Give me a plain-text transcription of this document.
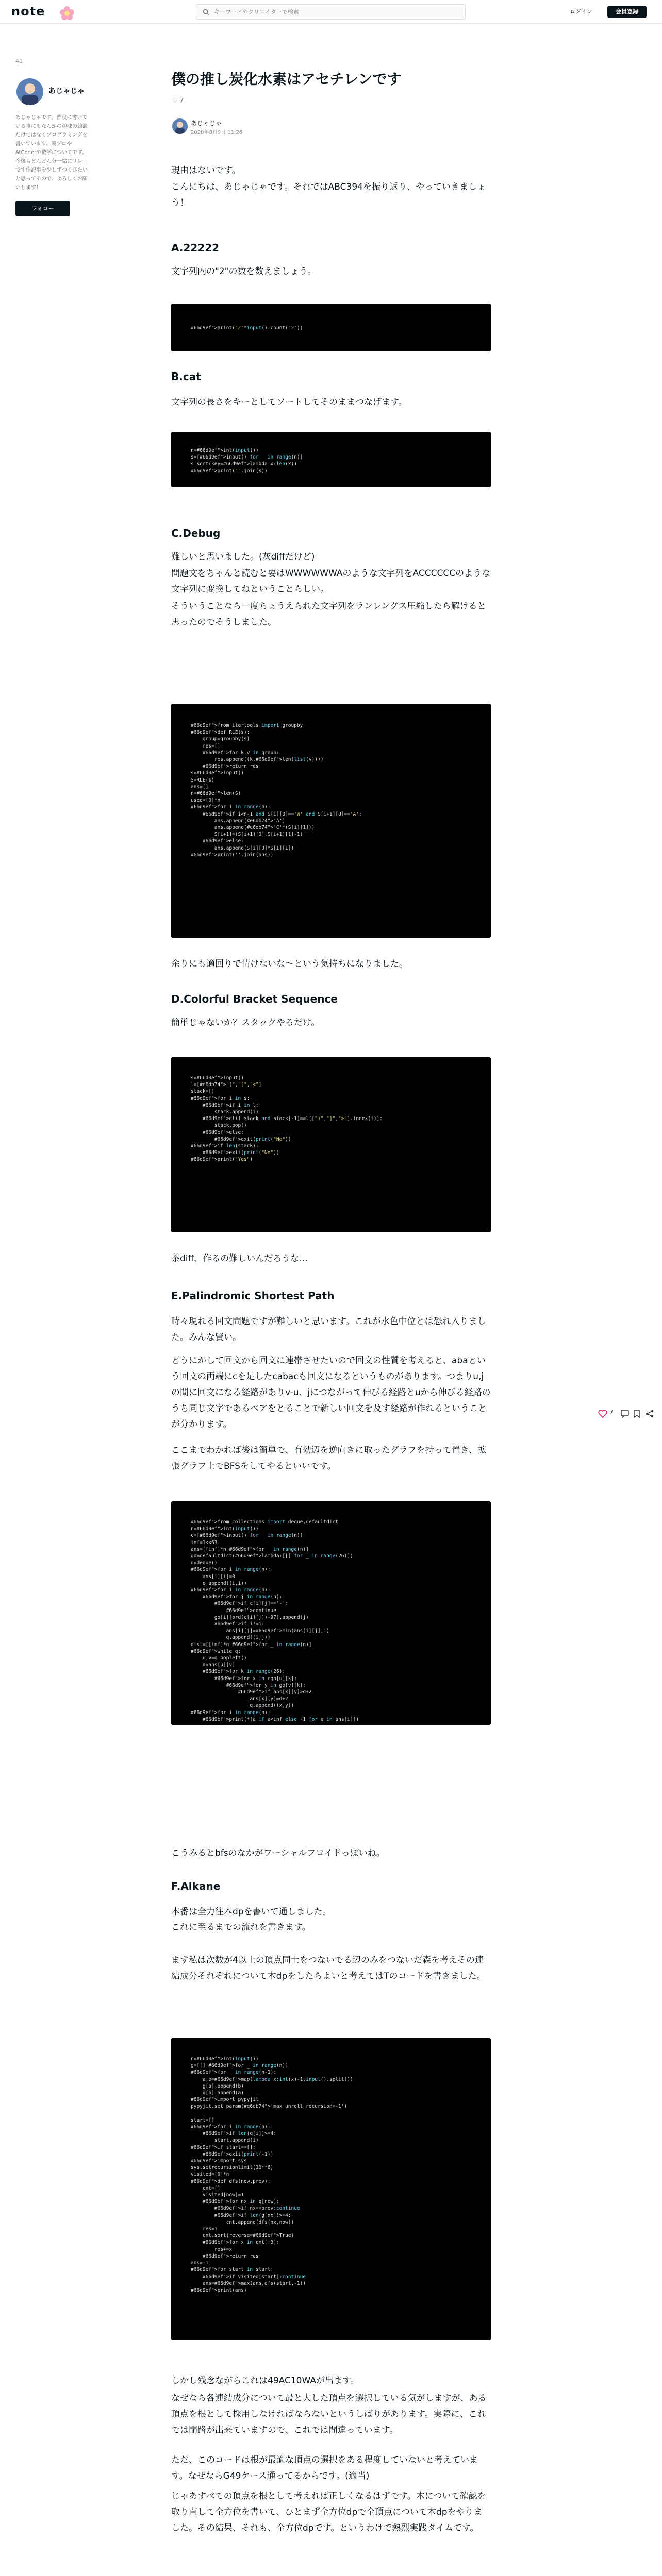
note
キーワードやクリエイターで検索	ログイン	会員登録
41
あじゃじゃ
あじゃじゃです。普段に書いている事にもなんかの趣味の雑談だけではなくプログラミングを書いています。競プロやAtCoderや数学についてです。今後もどんどん分一緒にリレーです作記事を少しずつくびたいと思ってるので、よろしくお願いします！
フォロー
僕の推し炭化水素はアセチレンです
♡ 7
あじゃじゃ
2020年8月9日 11:26
現由はないです。
こんにちは、あじゃじゃです。それではABC394を振り返り、やっていきましょう！
A.22222
文字列内の"2"の数を数えましょう。
#66d9ef">print("2"*input().count("2"))
B.cat
文字列の長さをキーとしてソートしてそのままつなげます。
n=#66d9ef">int(input())
s=[#66d9ef">input() for _ in range(n)]
s.sort(key=#66d9ef">lambda x:len(x))
#66d9ef">print("".join(s))
C.Debug
難しいと思いました。(灰diffだけど)
問題文をちゃんと読むと要はWWWWWWAのような文字列をACCCCCCのような文字列に変換してねということらしい。
そういうことなら一度ちょうえられた文字列をランレングス圧縮したら解けると思ったのでそうしました。
#66d9ef">from itertools import groupby
#66d9ef">def RLE(s):
group=groupby(s)
res=[]
#66d9ef">for k,v in group:
res.append((k,#66d9ef">len(list(v))))
#66d9ef">return res
s=#66d9ef">input()
S=RLE(s)
ans=[]
n=#66d9ef">len(S)
used=[0]*n
#66d9ef">for i in range(n):
#66d9ef">if i<n-1 and S[i][0]=='W' and S[i+1][0]=='A':
ans.append(#e6db74">'A')
ans.append(#e6db74">'C'*(S[i][1]))
S[i+1]=(S[i+1][0],S[i+1][1]-1)
#66d9ef">else:
ans.append(S[i][0]*S[i][1])
#66d9ef">print(''.join(ans))
余りにも適回りで情けないな〜という気持ちになりました。
D.Colorful Bracket Sequence
簡単じゃないか？スタックやるだけ。
s=#66d9ef">input()
l=[#e6db74">"(","[","<"]
stack=[]
#66d9ef">for i in s:
#66d9ef">if i in l:
stack.append(i)
#66d9ef">elif stack and stack[-1]==l[[")","]",">"].index(i)]:
stack.pop()
#66d9ef">else:
#66d9ef">exit(print("No"))
#66d9ef">if len(stack):
#66d9ef">exit(print("No"))
#66d9ef">print("Yes")
茶diff、作るの難しいんだろうな…
E.Palindromic Shortest Path
時々現れる回文問題ですが難しいと思います。これが水色中位とは恐れ入りました。みんな賢い。
どうにかして回文から回文に連帯させたいので回文の性質を考えると、abaという回文の両端にcを足したcabacも回文になるというものがあります。つまりu,jの間に回文になる経路がありv-u、jにつながって伸びる経路とuから伸びる経路のうち同じ文字であるペアをとることで新しい回文を及す経路が作れるということが分かります。
ここまでわかれば後は簡単で、有効辺を逆向きに取ったグラフを持って置き、拡張グラフ上でBFSをしてやるといいです。
#66d9ef">from collections import deque,defaultdict
n=#66d9ef">int(input())
c=[#66d9ef">input() for _ in range(n)]
inf=1<<63
ans=[[inf]*n #66d9ef">for _ in range(n)]
go=defaultdict(#66d9ef">lambda:[[] for _ in range(26)])
q=deque()
#66d9ef">for i in range(n):
ans[i][i]=0
q.append((i,i))
#66d9ef">for i in range(n):
#66d9ef">for j in range(n):
#66d9ef">if c[i][j]=='-':
#66d9ef">continue
go[i][ord(c[i][j])-97].append(j)
#66d9ef">if i!=j:
ans[i][j]=#66d9ef">min(ans[i][j],1)
q.append((i,j))
dist=[[inf]*n #66d9ef">for _ in range(n)]
#66d9ef">while q:
u,v=q.popleft()
d=ans[u][v]
#66d9ef">for k in range(26):
#66d9ef">for x in rgo[u][k]:
#66d9ef">for y in go[v][k]:
#66d9ef">if ans[x][y]>d+2:
ans[x][y]=d+2
q.append((x,y))
#66d9ef">for i in range(n):
#66d9ef">print(*[a if a<inf else -1 for a in ans[i]])
こうみるとbfsのなかがワーシャルフロイドっぽいね。
F.Alkane
本番は全力往本dpを書いて通しました。
これに至るまでの流れを書きます。
まず私は次数が4以上の頂点同士をつないでる辺のみをつないだ森を考えその連結成分それぞれについて木dpをしたらよいと考えてはTのコードを書きました。
n=#66d9ef">int(input())
g=[[] #66d9ef">for _ in range(n)]
#66d9ef">for _ in range(n-1):
a,b=#66d9ef">map(lambda x:int(x)-1,input().split())
g[a].append(b)
g[b].append(a)
#66d9ef">import pypyjit
pypyjit.set_param(#e6db74">'max_unroll_recursion=-1')

start=[]
#66d9ef">for i in range(n):
#66d9ef">if len(g[i])>=4:
start.append(i)
#66d9ef">if start==[]:
#66d9ef">exit(print(-1))
#66d9ef">import sys
sys.setrecursionlimit(10**6)
visited=[0]*n
#66d9ef">def dfs(now,prev):
cnt=[]
visited[now]=1
#66d9ef">for nx in g[now]:
#66d9ef">if nx==prev:continue
#66d9ef">if len(g[nx])>=4:
cnt.append(dfs(nx,now))
res=1
cnt.sort(reverse=#66d9ef">True)
#66d9ef">for x in cnt[:3]:
res+=x
#66d9ef">return res
ans=-1
#66d9ef">for start in start:
#66d9ef">if visited[start]:continue
ans=#66d9ef">max(ans,dfs(start,-1))
#66d9ef">print(ans)
しかし残念ながらこれは49AC10WAが出ます。
なぜなら各連結成分について最と大した頂点を選択している気がしますが、ある頂点を根として採用しなければならないというしばりがあります。実際に、これでは閉路が出来ていますので、これでは間違っています。
ただ、このコードは根が最適な頂点の選択をある程度していないと考えています。なぜならG49ケース通ってるからです。(適当)
じゃあすべての頂点を根として考えれば正しくなるはずです。木について確認を取り直して全方位を書いて、ひとまず全方位dpで全頂点について木dpをやりました。その結果、それも、全方位dpです。というわけで熱烈実践タイムです。

7
